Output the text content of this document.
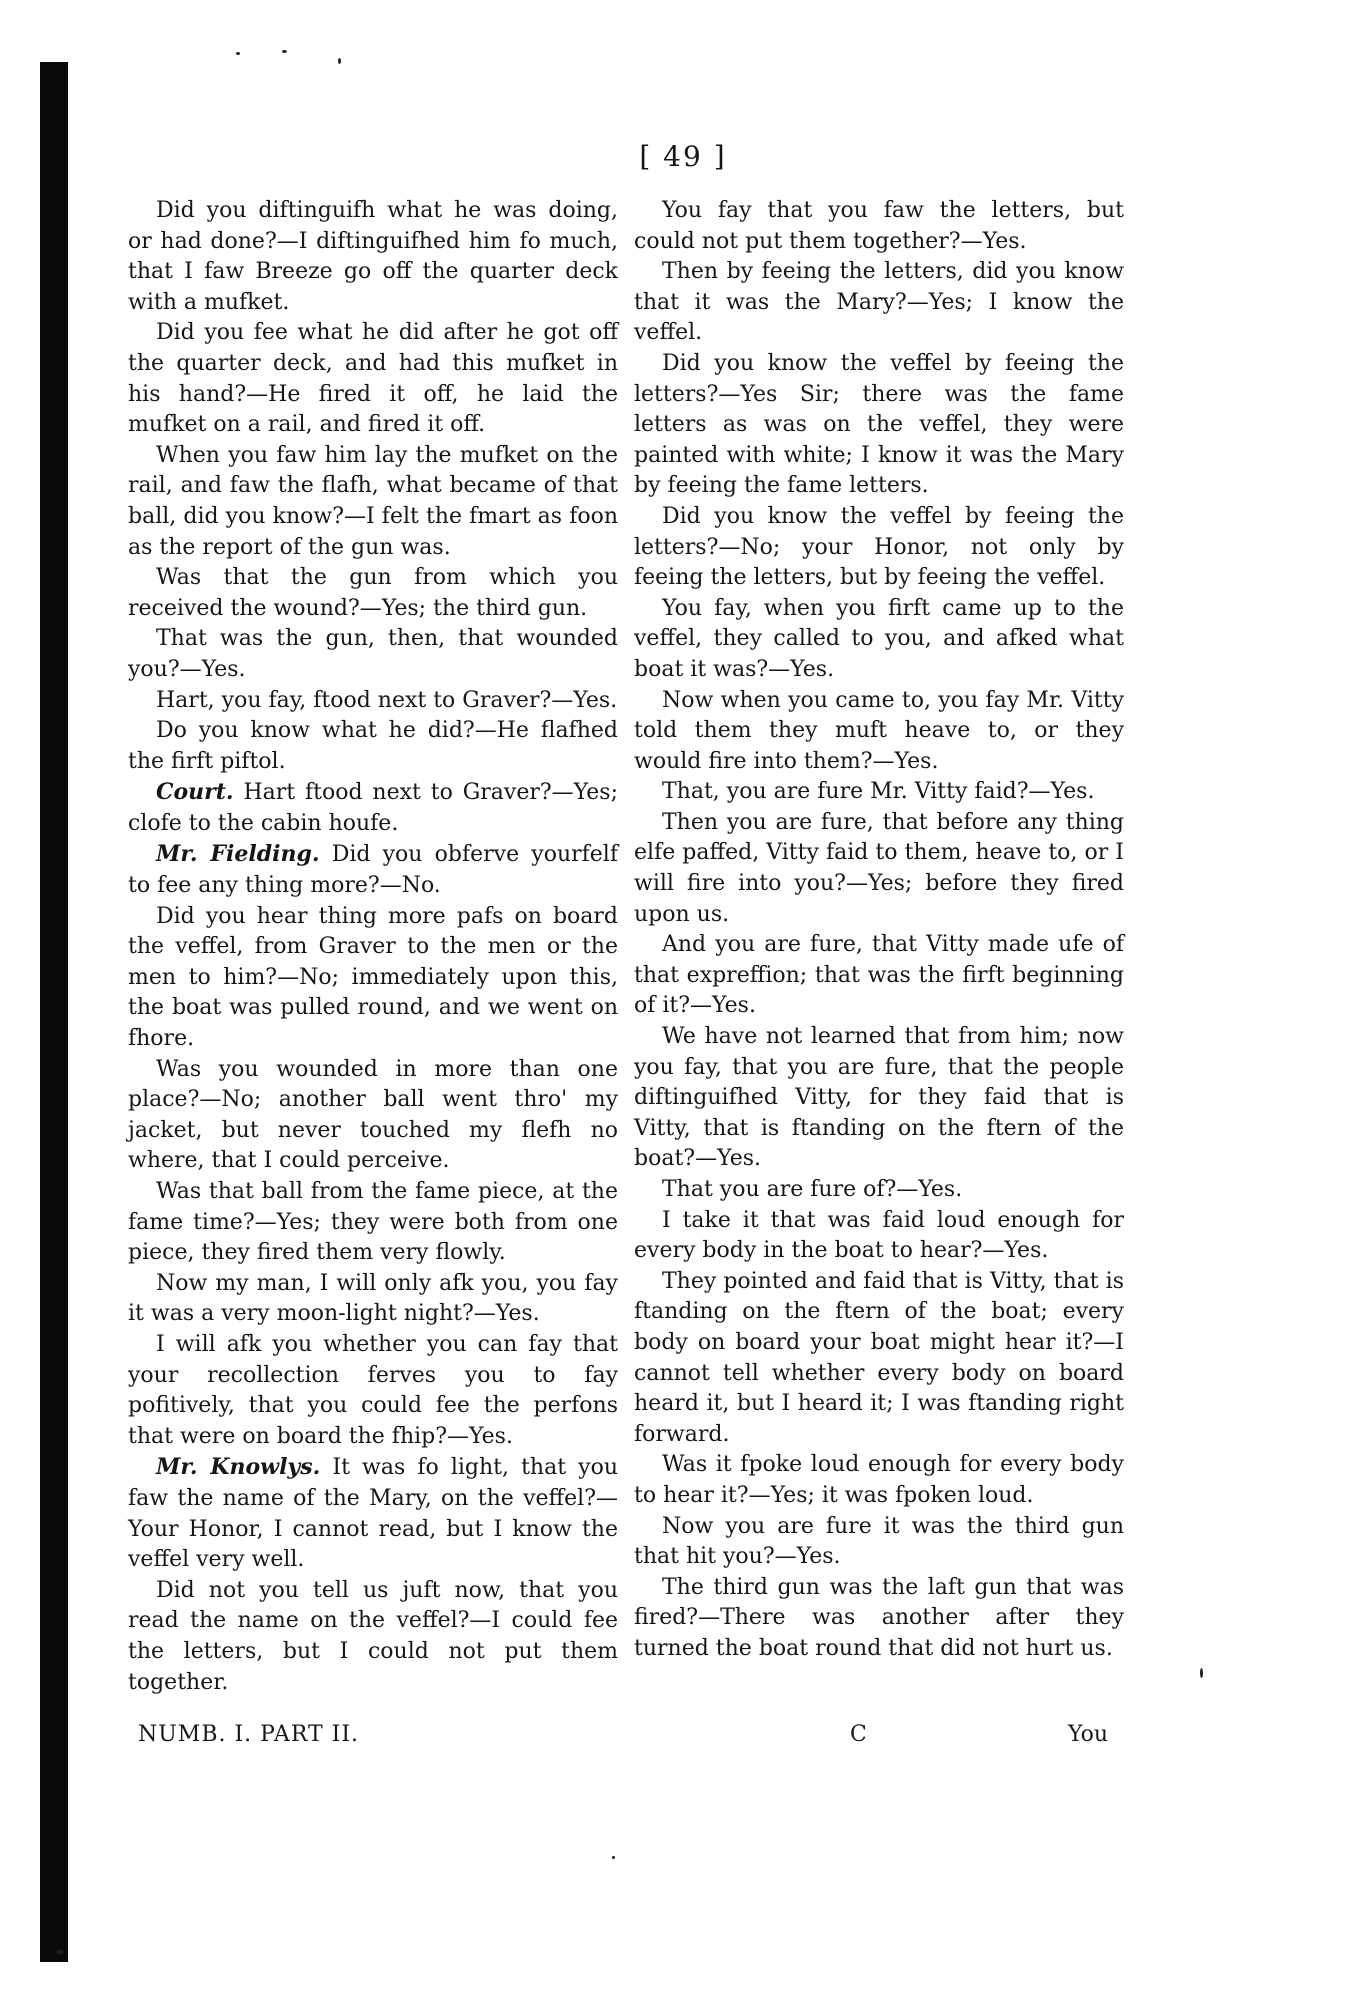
[ 49 ]

Did you diftinguifh what he was doing, or had done?—I diftinguifhed him fo much, that I faw Breeze go off the quarter deck with a mufket.

Did you fee what he did after he got off the quarter deck, and had this mufket in his hand?—He fired it off, he laid the mufket on a rail, and fired it off.

When you faw him lay the mufket on the rail, and faw the flafh, what became of that ball, did you know?—I felt the fmart as foon as the report of the gun was.

Was that the gun from which you received the wound?—Yes; the third gun.

That was the gun, then, that wounded you?—Yes.

Hart, you fay, ftood next to Graver?—Yes.

Do you know what he did?—He flafhed the firft piftol.

Court. Hart ftood next to Graver?—Yes; clofe to the cabin houfe.

Mr. Fielding. Did you obferve yourfelf to fee any thing more?—No.

Did you hear thing more pafs on board the veffel, from Graver to the men or the men to him?—No; immediately upon this, the boat was pulled round, and we went on fhore.

Was you wounded in more than one place?—No; another ball went thro' my jacket, but never touched my flefh no where, that I could perceive.

Was that ball from the fame piece, at the fame time?—Yes; they were both from one piece, they fired them very flowly.

Now my man, I will only afk you, you fay it was a very moon-light night?—Yes.

I will afk you whether you can fay that your recollection ferves you to fay pofitively, that you could fee the perfons that were on board the fhip?—Yes.

Mr. Knowlys. It was fo light, that you faw the name of the Mary, on the veffel?—Your Honor, I cannot read, but I know the veffel very well.

Did not you tell us juft now, that you read the name on the veffel?—I could fee the letters, but I could not put them together.

You fay that you faw the letters, but could not put them together?—Yes.

Then by feeing the letters, did you know that it was the Mary?—Yes; I know the veffel.

Did you know the veffel by feeing the letters?—Yes Sir; there was the fame letters as was on the veffel, they were painted with white; I know it was the Mary by feeing the fame letters.

Did you know the veffel by feeing the letters?—No; your Honor, not only by feeing the letters, but by feeing the veffel.

You fay, when you firft came up to the veffel, they called to you, and afked what boat it was?—Yes.

Now when you came to, you fay Mr. Vitty told them they muft heave to, or they would fire into them?—Yes.

That, you are fure Mr. Vitty faid?—Yes.

Then you are fure, that before any thing elfe paffed, Vitty faid to them, heave to, or I will fire into you?—Yes; before they fired upon us.

And you are fure, that Vitty made ufe of that expreffion; that was the firft beginning of it?—Yes.

We have not learned that from him; now you fay, that you are fure, that the people diftinguifhed Vitty, for they faid that is Vitty, that is ftanding on the ftern of the boat?—Yes.

That you are fure of?—Yes.

I take it that was faid loud enough for every body in the boat to hear?—Yes.

They pointed and faid that is Vitty, that is ftanding on the ftern of the boat; every body on board your boat might hear it?—I cannot tell whether every body on board heard it, but I heard it; I was ftanding right forward.

Was it fpoke loud enough for every body to hear it?—Yes; it was fpoken loud.

Now you are fure it was the third gun that hit you?—Yes.

The third gun was the laft gun that was fired?—There was another after they turned the boat round that did not hurt us.

NUMB. I. PART II.	C	You
